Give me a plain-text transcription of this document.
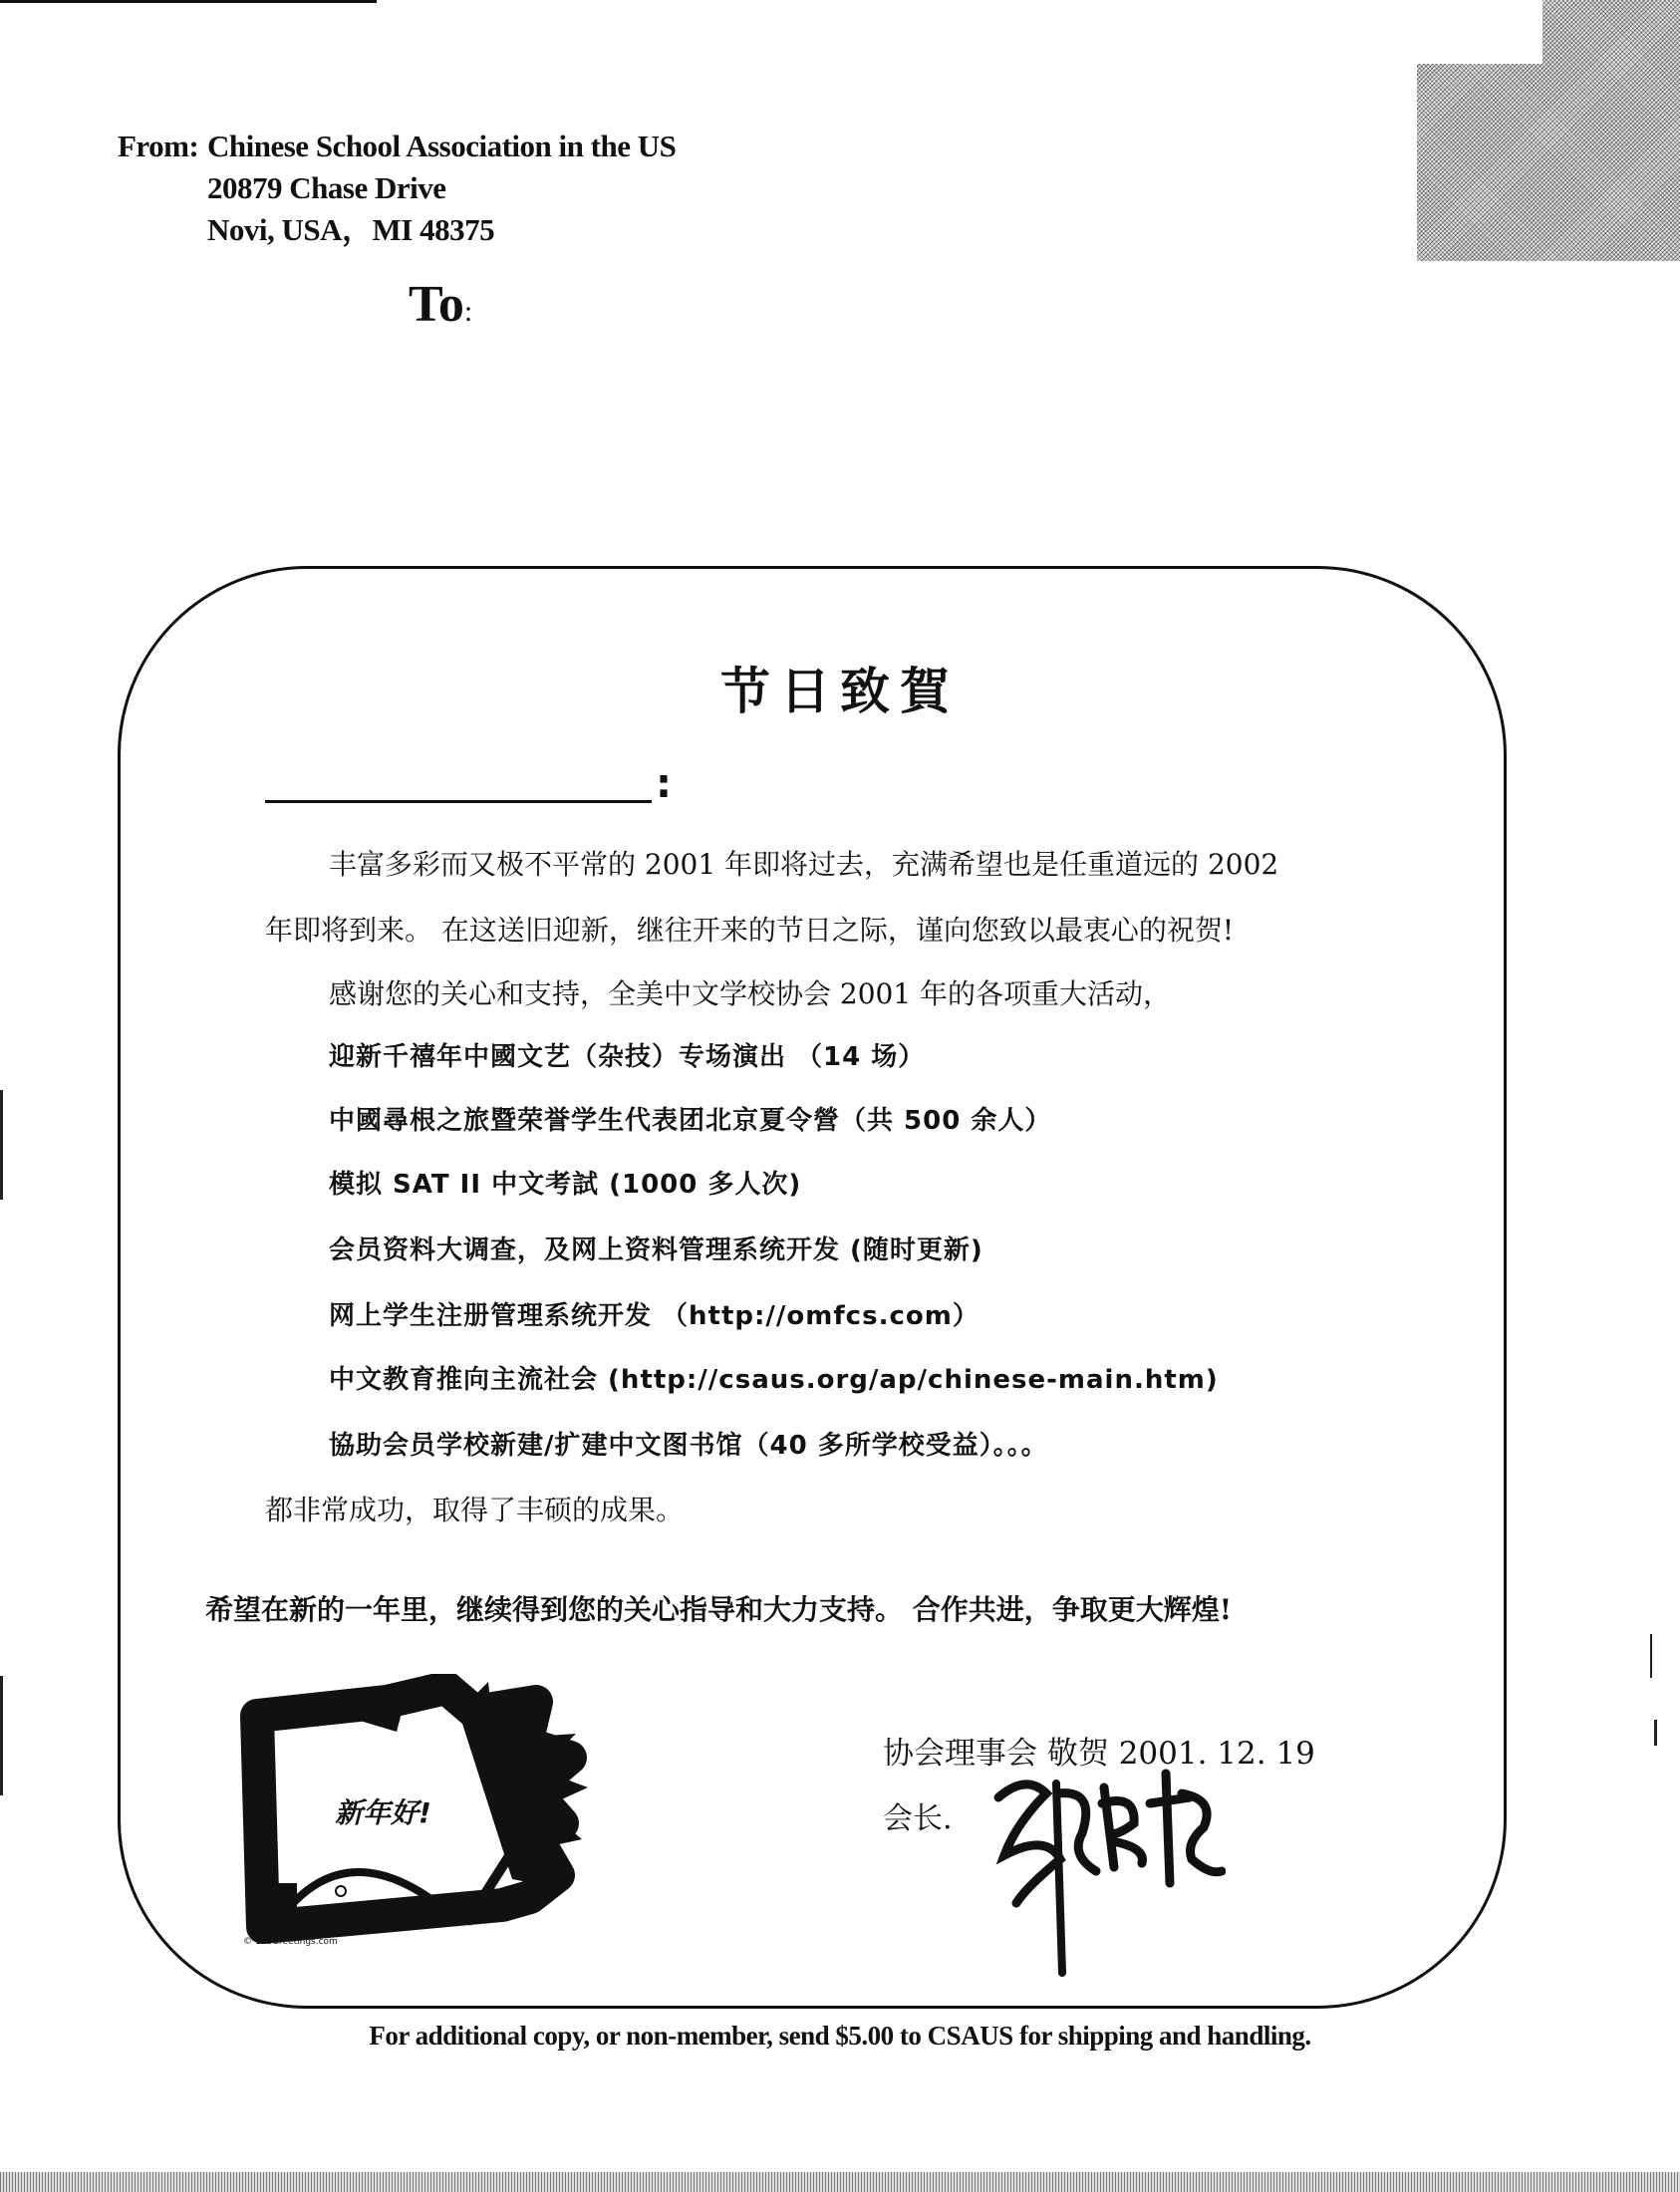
From: Chinese School Association in the US
20879 Chase Drive
Novi, USA，MI 48375
To:
节日致賀
:
丰富多彩而又极不平常的 2001 年即将过去，充满希望也是任重道远的 2002
年即将到来。 在这送旧迎新，继往开来的节日之际，谨向您致以最衷心的祝贺!
感谢您的关心和支持，全美中文学校协会 2001 年的各项重大活动，
迎新千禧年中國文艺（杂技）专场演出 （14 场）
中國尋根之旅暨荣誉学生代表团北京夏令營（共 500 余人）
模拟 SAT II 中文考試 (1000 多人次)
会员资料大调查，及网上资料管理系统开发 (随时更新)
网上学生注册管理系统开发 （http://omfcs.com）
中文教育推向主流社会 (http://csaus.org/ap/chinese-main.htm)
協助会员学校新建/扩建中文图书馆（40 多所学校受益）。。。
都非常成功，取得了丰硕的成果。
希望在新的一年里，继续得到您的关心指导和大力支持。 合作共进，争取更大辉煌!
新年好!
© 123Greetings.com
协会理事会 敬贺 2001. 12. 19
会长.
For additional copy, or non-member, send $5.00 to CSAUS for shipping and handling.
